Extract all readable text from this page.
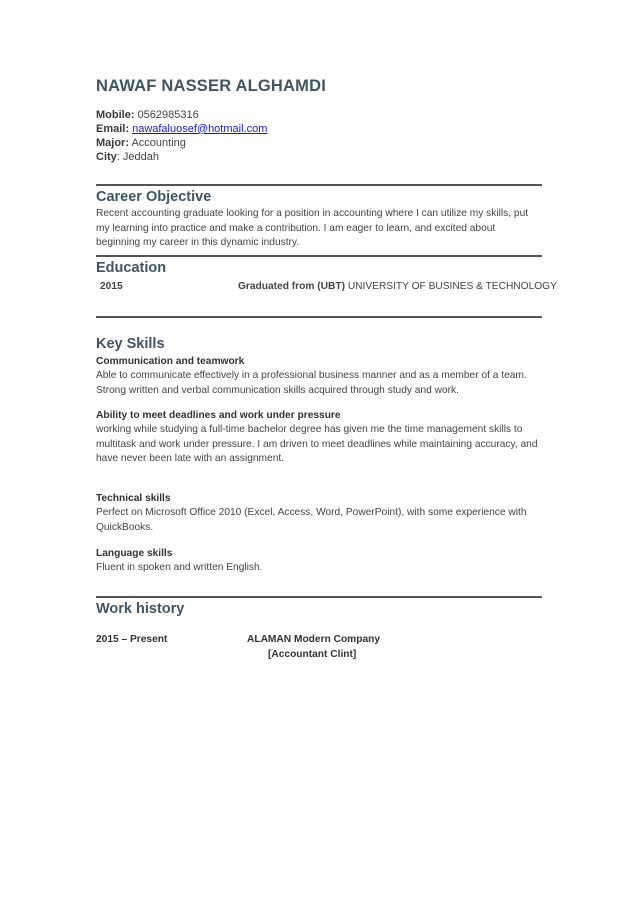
NAWAF NASSER ALGHAMDI
Mobile: 0562985316
Email: nawafaluosef@hotmail.com
Major: Accounting
City: Jeddah
Career Objective
Recent accounting graduate looking for a position in accounting where I can utilize my skills, put my learning into practice and make a contribution. I am eager to learn, and excited about beginning my career in this dynamic industry.
Education
2015	Graduated from (UBT) UNIVERSITY OF BUSINES & TECHNOLOGY
Key Skills
Communication and teamwork
Able to communicate effectively in a professional business manner and as a member of a team. Strong written and verbal communication skills acquired through study and work.
Ability to meet deadlines and work under pressure
working while studying a full-time bachelor degree has given me the time management skills to multitask and work under pressure. I am driven to meet deadlines while maintaining accuracy, and have never been late with an assignment.
Technical skills
Perfect on Microsoft Office 2010 (Excel, Access, Word, PowerPoint), with some experience with QuickBooks.
Language skills
Fluent in spoken and written English.
Work history
2015 – Present	ALAMAN Modern Company
[Accountant Clint]
